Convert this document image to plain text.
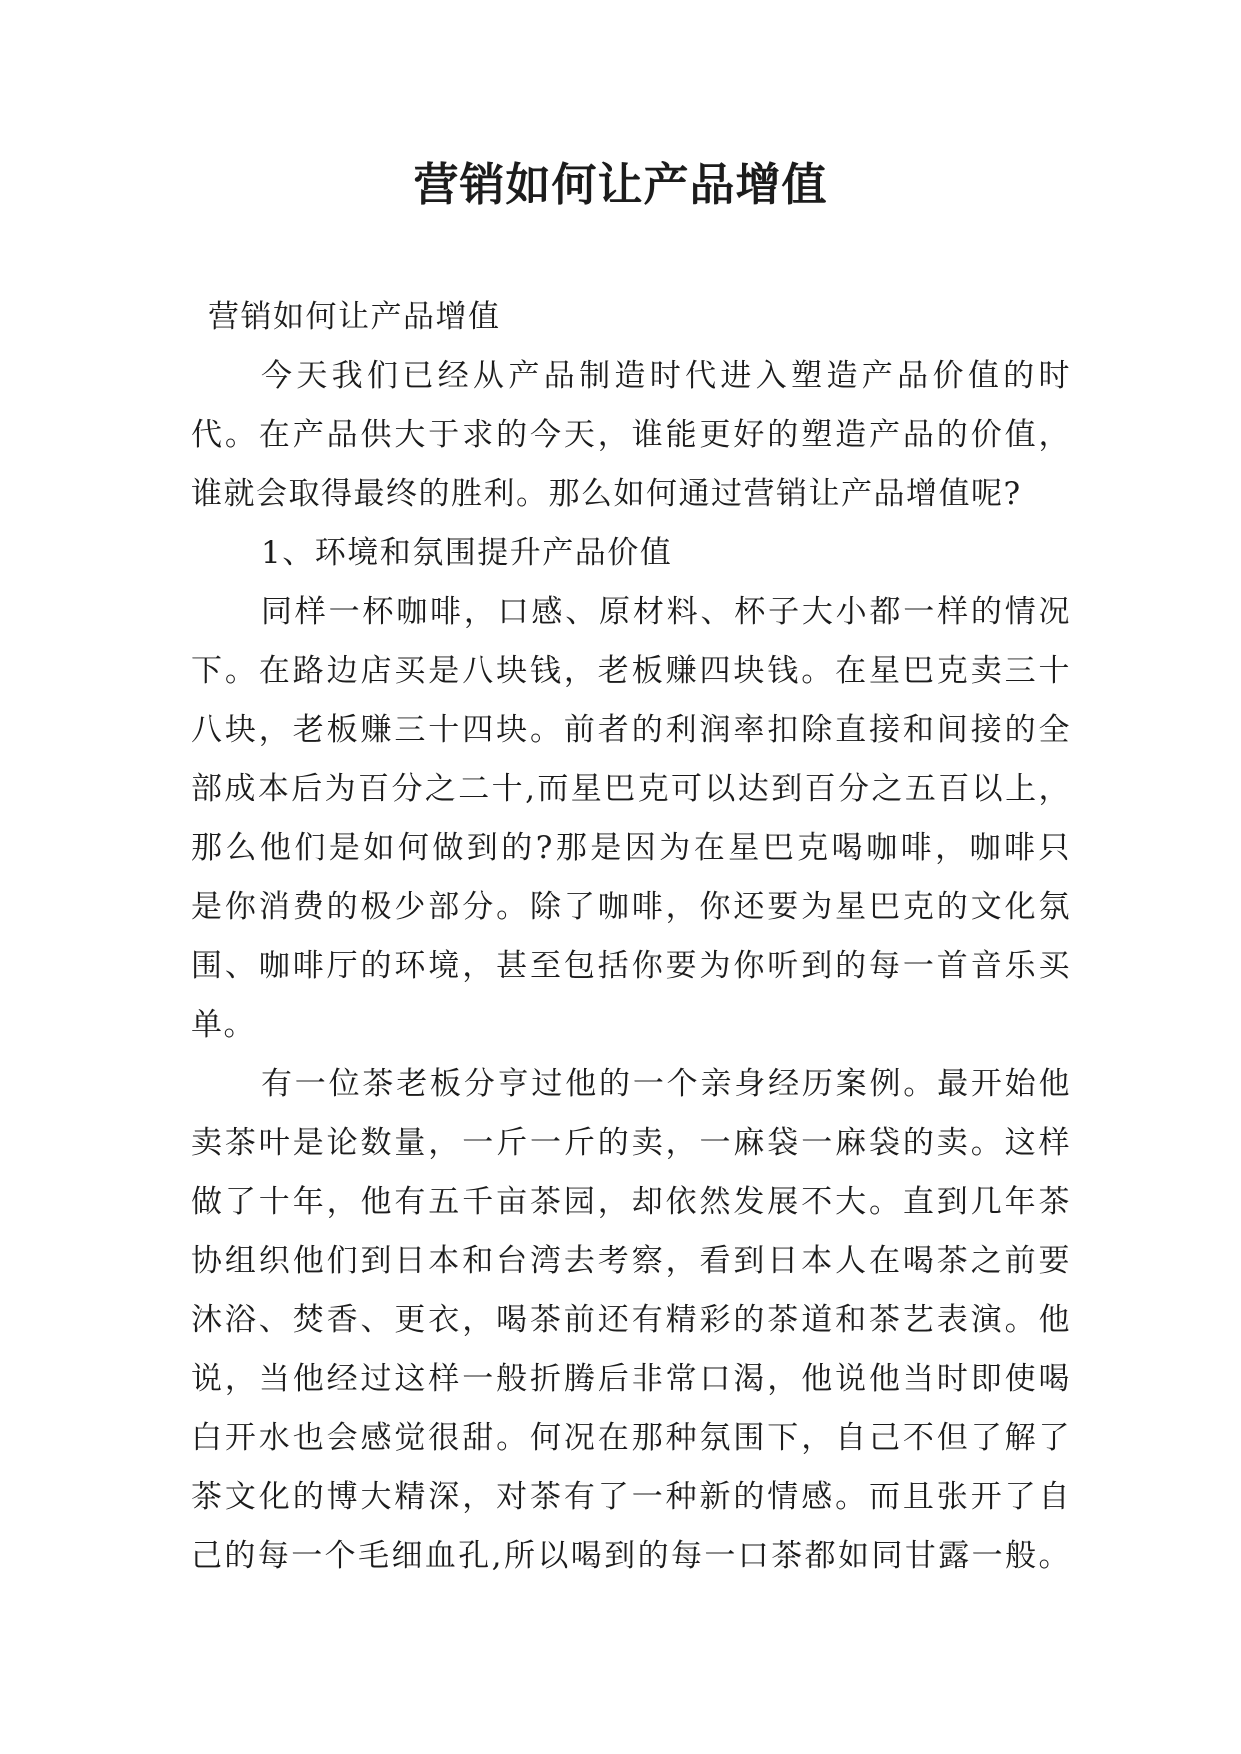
营销如何让产品增值
营销如何让产品增值
今天我们已经从产品制造时代进入塑造产品价值的时
代。在产品供大于求的今天，谁能更好的塑造产品的价值，
谁就会取得最终的胜利。那么如何通过营销让产品增值呢?
1、环境和氛围提升产品价值
同样一杯咖啡，口感、原材料、杯子大小都一样的情况
下。在路边店买是八块钱，老板赚四块钱。在星巴克卖三十
八块，老板赚三十四块。前者的利润率扣除直接和间接的全
部成本后为百分之二十,而星巴克可以达到百分之五百以上，
那么他们是如何做到的?那是因为在星巴克喝咖啡，咖啡只
是你消费的极少部分。除了咖啡，你还要为星巴克的文化氛
围、咖啡厅的环境，甚至包括你要为你听到的每一首音乐买
单。
有一位茶老板分亨过他的一个亲身经历案例。最开始他
卖茶叶是论数量，一斤一斤的卖，一麻袋一麻袋的卖。这样
做了十年，他有五千亩茶园，却依然发展不大。直到几年茶
协组织他们到日本和台湾去考察，看到日本人在喝茶之前要
沐浴、焚香、更衣，喝茶前还有精彩的茶道和茶艺表演。他
说，当他经过这样一般折腾后非常口渴，他说他当时即使喝
白开水也会感觉很甜。何况在那种氛围下，自己不但了解了
茶文化的博大精深，对茶有了一种新的情感。而且张开了自
己的每一个毛细血孔,所以喝到的每一口茶都如同甘露一般。
